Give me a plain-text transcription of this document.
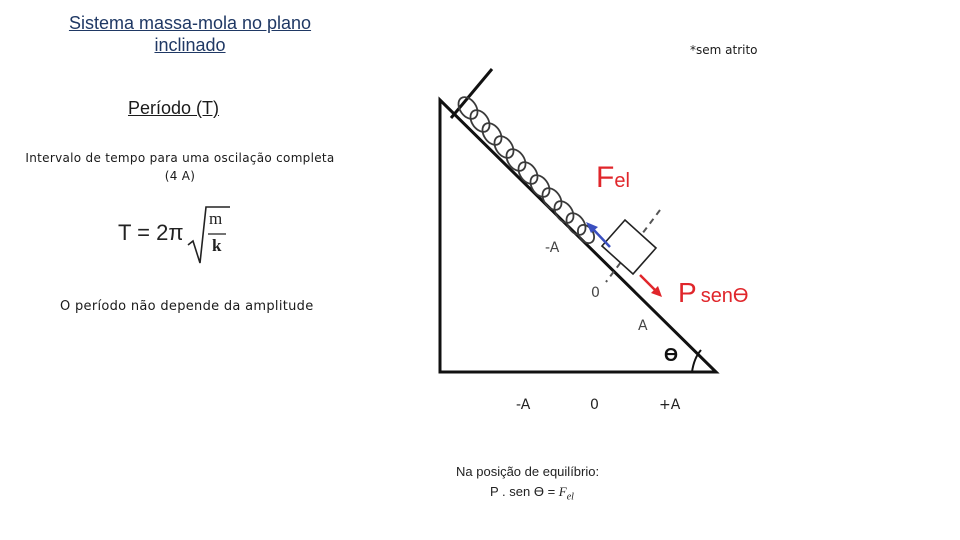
Sistema massa-mola no plano
inclinado	*sem atrito
Período (T)
Intervalo de tempo para uma oscilação completa
(4 A)
T = 2π
m
k
O período não depende da amplitude
Fel
P senϴ
-A
0
A
ϴ
-A	0	+A
Na posição de equilíbrio:
P . sen $ϴ = F_{el}$
